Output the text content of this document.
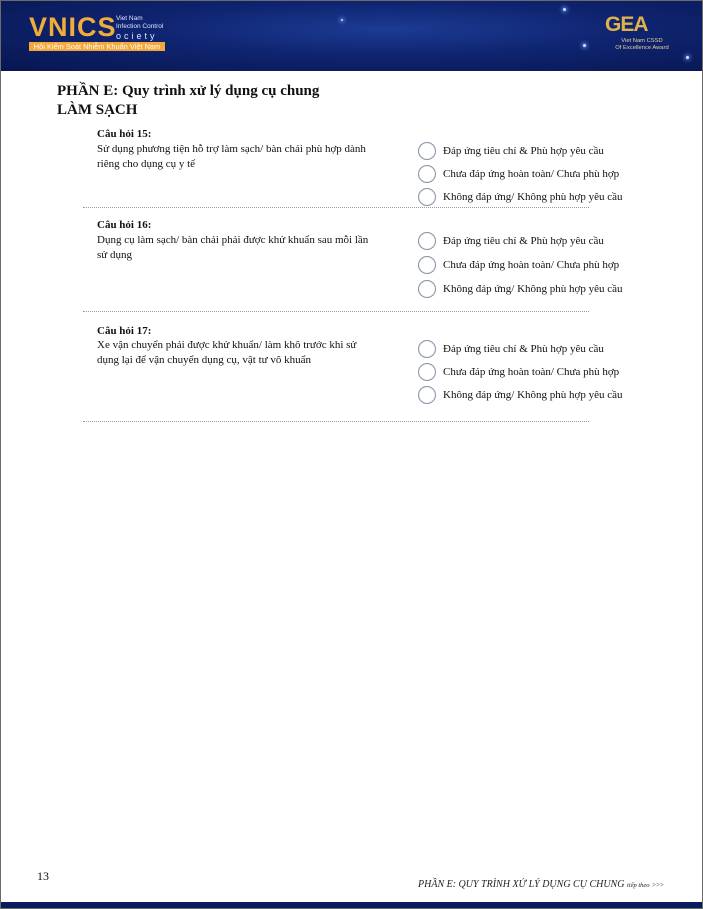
VNICS Viet Nam
Infection Control
ociety
Hội Kiểm Soát Nhiễm Khuẩn Việt Nam
GEA
Viet Nam CSSD
Of Excellence Award
PHẦN E: Quy trình xử lý dụng cụ chung
LÀM SẠCH
Câu hỏi 15:
Sử dụng phương tiện hỗ trợ làm sạch/ bàn chải phù hợp dành riêng cho dụng cụ y tế
Đáp ứng tiêu chí & Phù hợp yêu cầu
Chưa đáp ứng hoàn toàn/ Chưa phù hợp
Không đáp ứng/ Không phù hợp yêu cầu
Câu hỏi 16:
Dụng cụ làm sạch/ bàn chải phải được khử khuẩn sau mỗi lần sử dụng
Đáp ứng tiêu chí & Phù hợp yêu cầu
Chưa đáp ứng hoàn toàn/ Chưa phù hợp
Không đáp ứng/ Không phù hợp yêu cầu
Câu hỏi 17:
Xe vận chuyển phải được khử khuẩn/ làm khô trước khi sử dụng lại để vận chuyển dụng cụ, vật tư vô khuẩn
Đáp ứng tiêu chí & Phù hợp yêu cầu
Chưa đáp ứng hoàn toàn/ Chưa phù hợp
Không đáp ứng/ Không phù hợp yêu cầu
13
PHẦN E: QUY TRÌNH XỬ LÝ DỤNG CỤ CHUNG tiếp theo >>>
